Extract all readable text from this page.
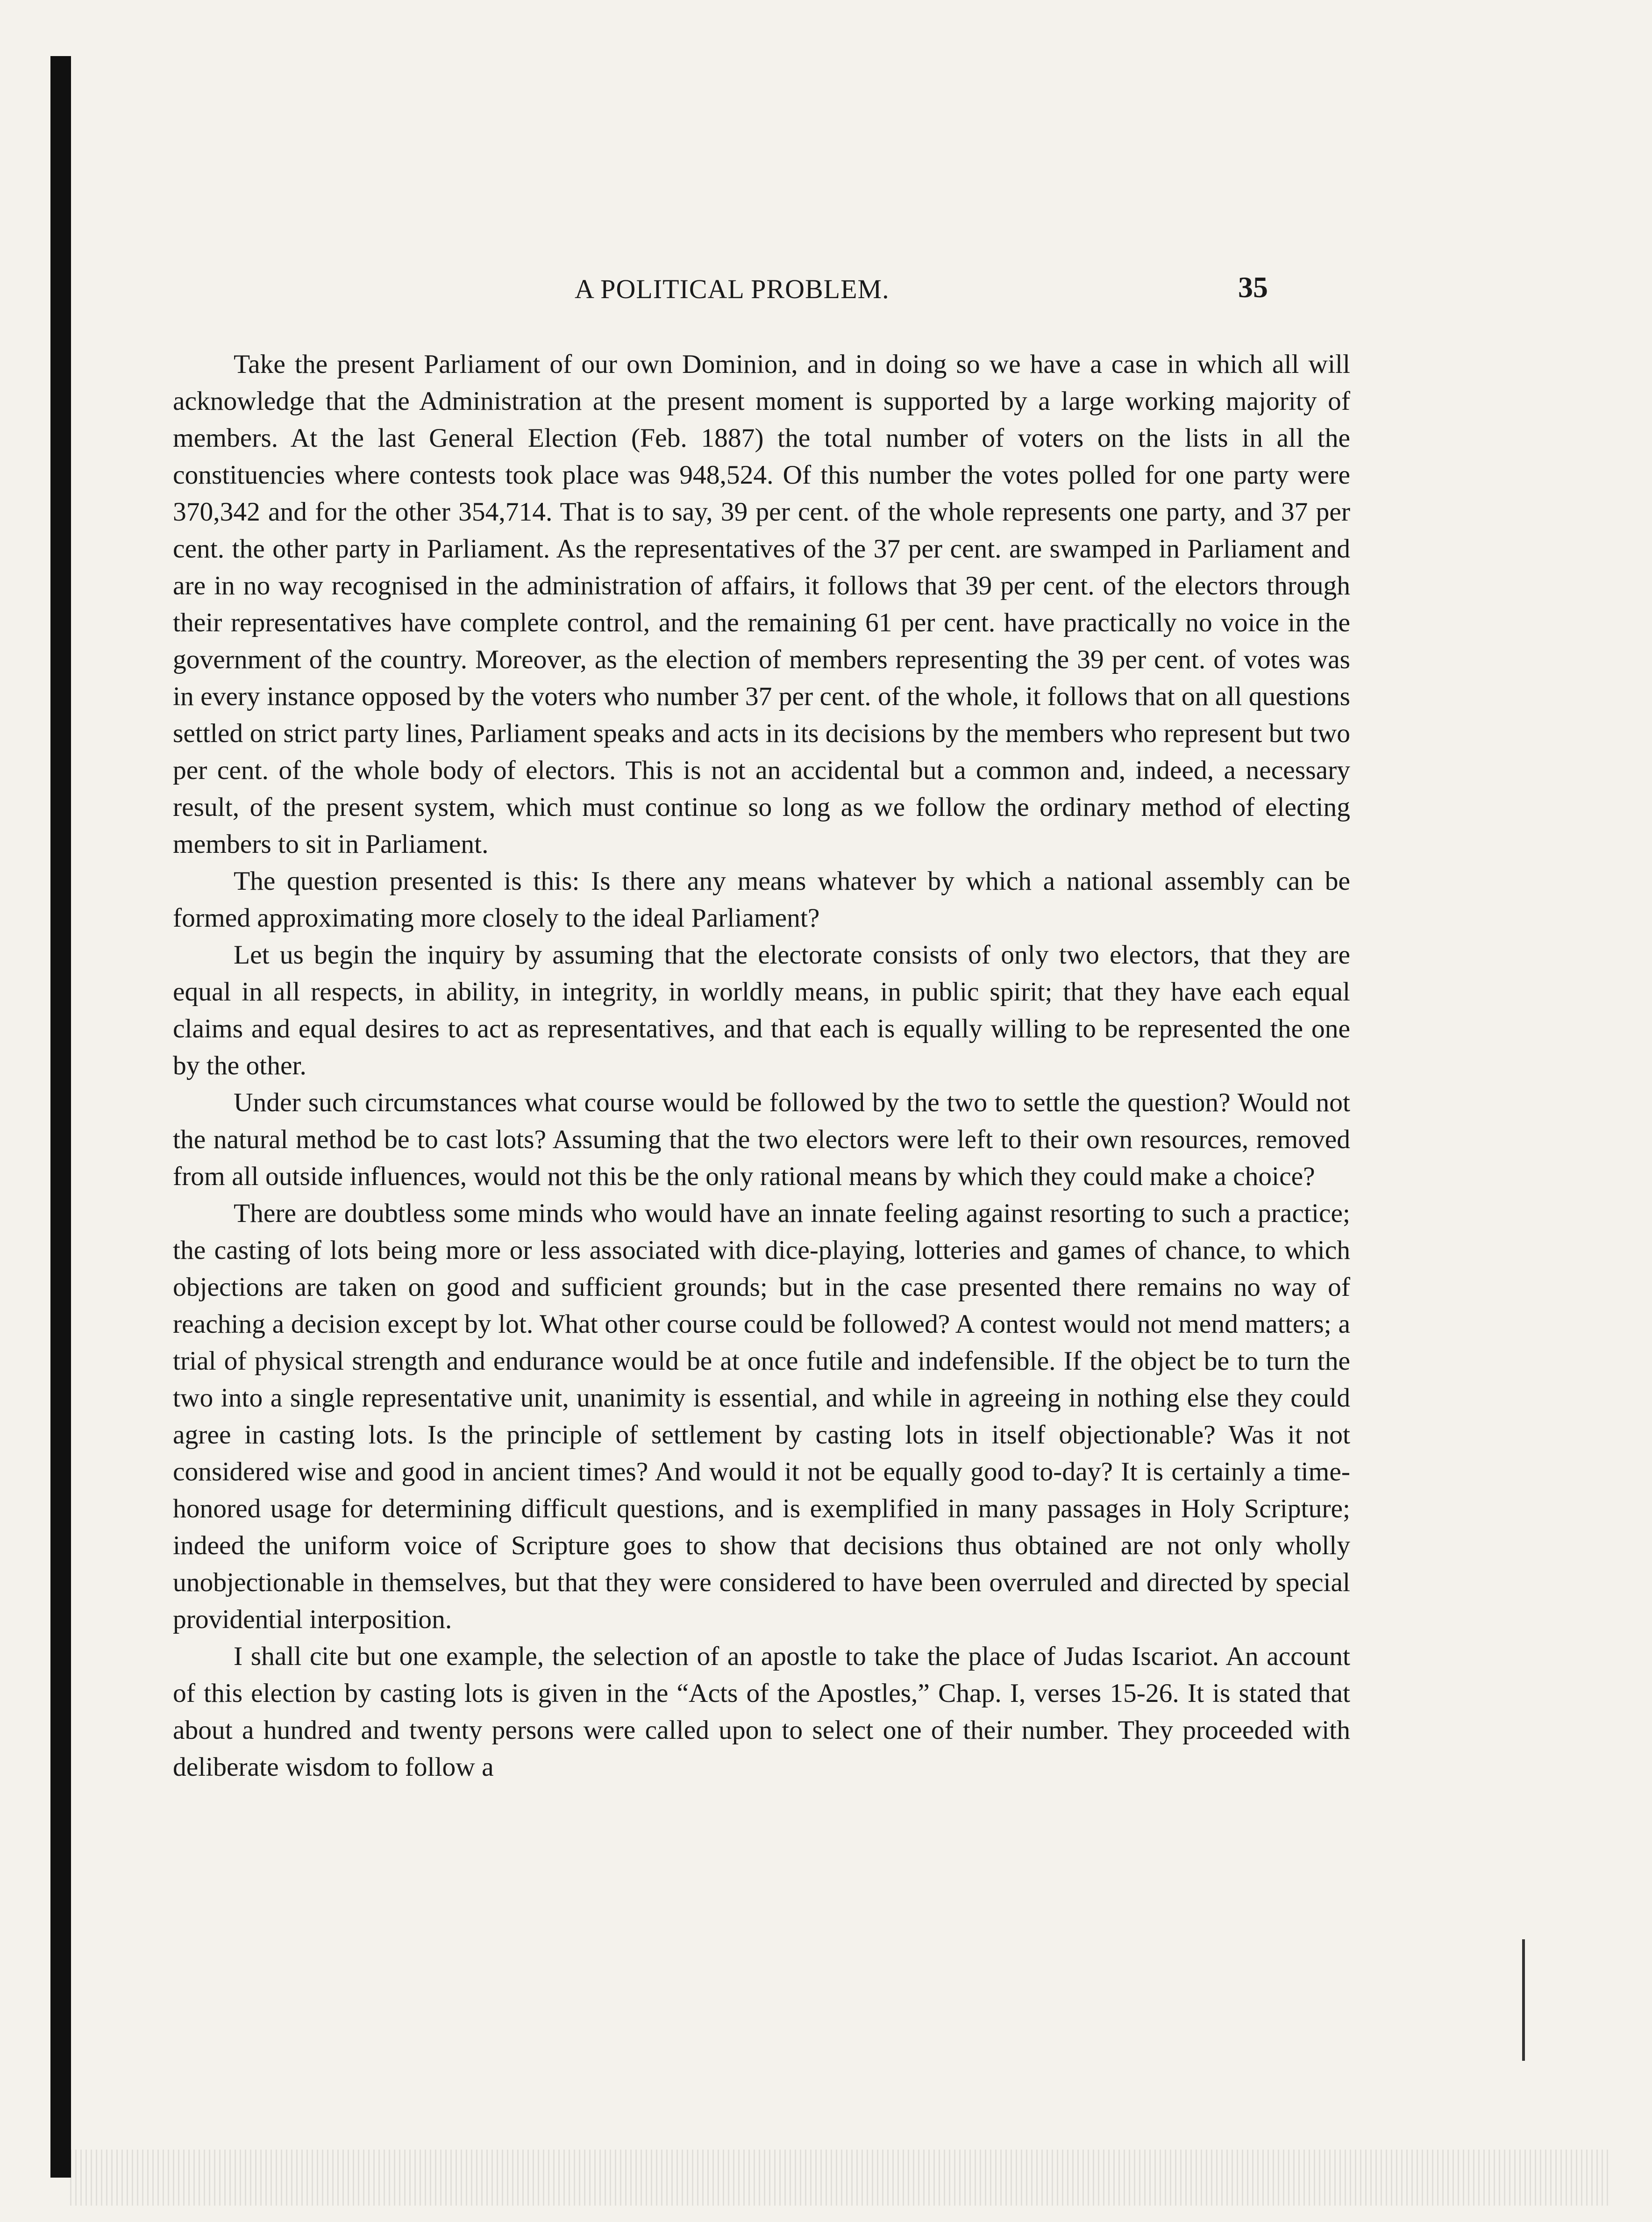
A POLITICAL PROBLEM.	35

Take the present Parliament of our own Dominion, and in doing so we have a case in which all will acknowledge that the Administration at the present moment is supported by a large working majority of members. At the last General Election (Feb. 1887) the total number of voters on the lists in all the constituencies where contests took place was 948,524. Of this number the votes polled for one party were 370,342 and for the other 354,714. That is to say, 39 per cent. of the whole represents one party, and 37 per cent. the other party in Parliament. As the representatives of the 37 per cent. are swamped in Parliament and are in no way recognised in the administration of affairs, it follows that 39 per cent. of the electors through their representatives have complete control, and the remaining 61 per cent. have practically no voice in the government of the country. Moreover, as the election of members representing the 39 per cent. of votes was in every instance opposed by the voters who number 37 per cent. of the whole, it follows that on all questions settled on strict party lines, Parliament speaks and acts in its decisions by the members who represent but two per cent. of the whole body of electors. This is not an accidental but a common and, indeed, a necessary result, of the present system, which must continue so long as we follow the ordinary method of electing members to sit in Parliament.

The question presented is this: Is there any means whatever by which a national assembly can be formed approximating more closely to the ideal Parliament?

Let us begin the inquiry by assuming that the electorate consists of only two electors, that they are equal in all respects, in ability, in integrity, in worldly means, in public spirit; that they have each equal claims and equal desires to act as representatives, and that each is equally willing to be represented the one by the other.

Under such circumstances what course would be followed by the two to settle the question? Would not the natural method be to cast lots? Assuming that the two electors were left to their own resources, removed from all outside influences, would not this be the only rational means by which they could make a choice?

There are doubtless some minds who would have an innate feeling against resorting to such a practice; the casting of lots being more or less associated with dice-playing, lotteries and games of chance, to which objections are taken on good and sufficient grounds; but in the case presented there remains no way of reaching a decision except by lot. What other course could be followed? A contest would not mend matters; a trial of physical strength and endurance would be at once futile and indefensible. If the object be to turn the two into a single representative unit, unanimity is essential, and while in agreeing in nothing else they could agree in casting lots. Is the principle of settlement by casting lots in itself objectionable? Was it not considered wise and good in ancient times? And would it not be equally good to-day? It is certainly a time-honored usage for determining difficult questions, and is exemplified in many passages in Holy Scripture; indeed the uniform voice of Scripture goes to show that decisions thus obtained are not only wholly unobjectionable in themselves, but that they were considered to have been overruled and directed by special providential interposition.

I shall cite but one example, the selection of an apostle to take the place of Judas Iscariot. An account of this election by casting lots is given in the “Acts of the Apostles,” Chap. I, verses 15-26. It is stated that about a hundred and twenty persons were called upon to select one of their number. They proceeded with deliberate wisdom to follow a
